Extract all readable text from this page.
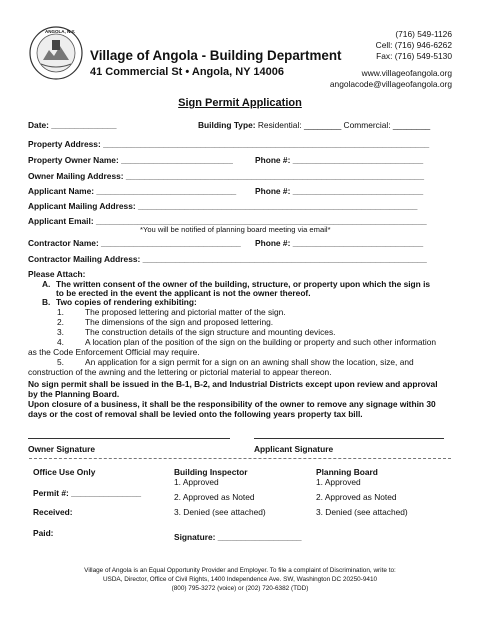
ANGOLA, N.Y.
Village of Angola - Building Department
41 Commercial St • Angola, NY 14006
(716) 549-1126
Cell: (716) 946-6262
Fax: (716) 549-5130
www.villageofangola.org
angolacode@villageofangola.org
Sign Permit Application
Date: ______________	Building Type: Residential: ________ Commercial: ________
Property Address: ______________________________________________________________________
Property Owner Name: ________________________	Phone #: ____________________________
Owner Mailing Address: ________________________________________________________________
Applicant Name: ______________________________ Phone #: ____________________________
Applicant Mailing Address: ____________________________________________________________
Applicant Email: _______________________________________________________________________
*You will be notified of planning board meeting via email*
Contractor Name: ______________________________ Phone #: ____________________________
Contractor Mailing Address: _____________________________________________________________
Please Attach:
A. The written consent of the owner of the building, structure, or property upon which the sign is
to be erected in the event the applicant is not the owner thereof.
B. Two copies of rendering exhibiting:
1.	The proposed lettering and pictorial matter of the sign.
2.	The dimensions of the sign and proposed lettering.
3.	The construction details of the sign structure and mounting devices.
4.	A location plan of the position of the sign on the building or property and such other information
as the Code Enforcement Official may require.
5.	An application for a sign permit for a sign on an awning shall show the location, size, and
construction of the awning and the lettering or pictorial material to appear thereon.
No sign permit shall be issued in the B-1, B-2, and Industrial Districts except upon review and approval
by the Planning Board.
Upon closure of a business, it shall be the responsibility of the owner to remove any signage within 30
days or the cost of removal shall be levied onto the following years property tax bill.
Owner Signature	Applicant Signature
Office Use Only
Permit #: _______________
Received:
Paid:
Building Inspector
1. Approved
2. Approved as Noted
3. Denied (see attached)
Signature: __________________
Planning Board
1. Approved
2. Approved as Noted
3. Denied (see attached)
Village of Angola is an Equal Opportunity Provider and Employer. To file a complaint of Discrimination, write to:
USDA, Director, Office of Civil Rights, 1400 Independence Ave. SW, Washington DC 20250-9410
(800) 795-3272 (voice) or (202) 720-6382 (TDD)
